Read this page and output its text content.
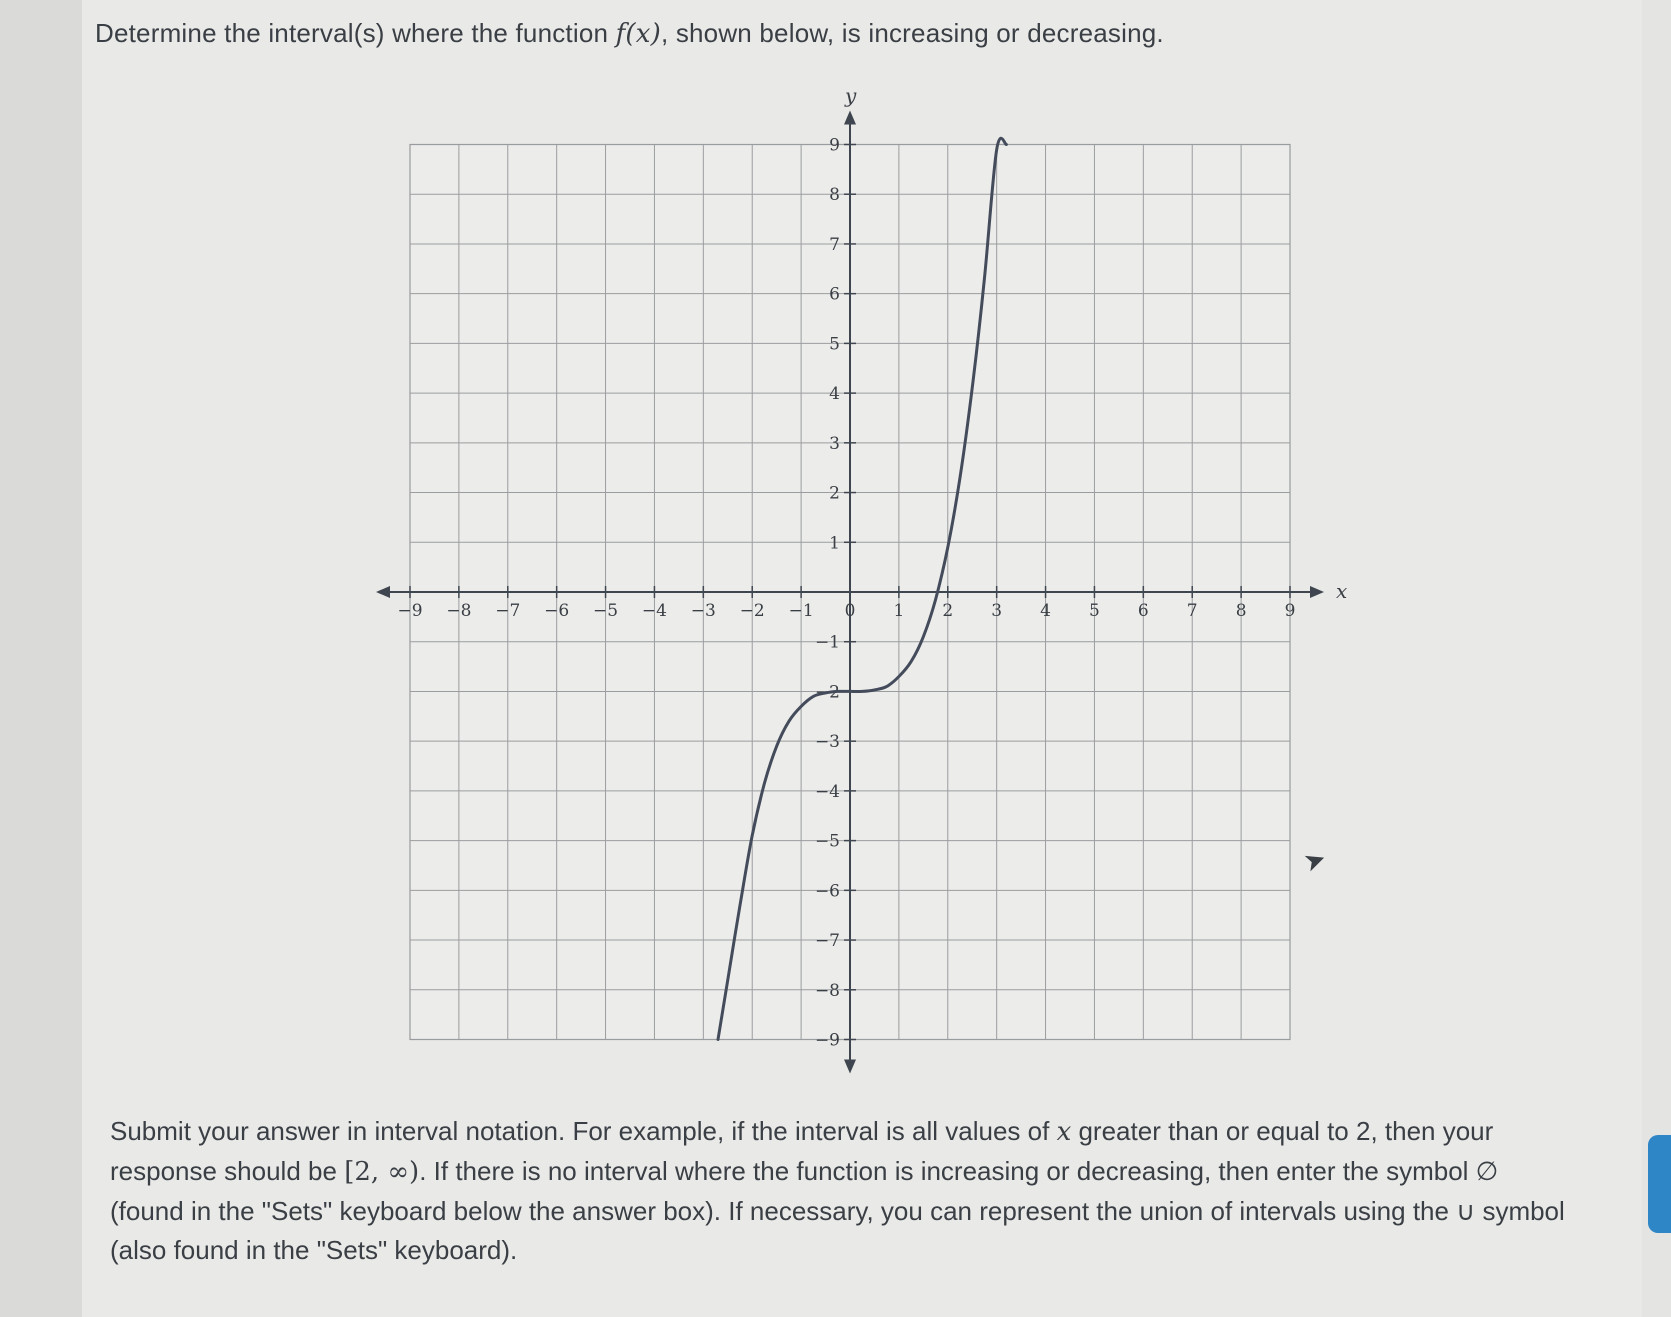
Determine the interval(s) where the function f(x), shown below, is increasing or decreasing.
x
y
−9 −8 −7 −6 −5 −4 −3 −2 −1 0 1 2 3 4 5 6 7 8 9
−9
−8
−7
−6
−5
−4
−3
−2
−1
1
2
3
4
5
6
7
8
9
Submit your answer in interval notation. For example, if the interval is all values of x greater than or equal to 2, then your response should be [2, ∞). If there is no interval where the function is increasing or decreasing, then enter the symbol ∅ (found in the "Sets" keyboard below the answer box). If necessary, you can represent the union of intervals using the ∪ symbol (also found in the "Sets" keyboard).
➤
